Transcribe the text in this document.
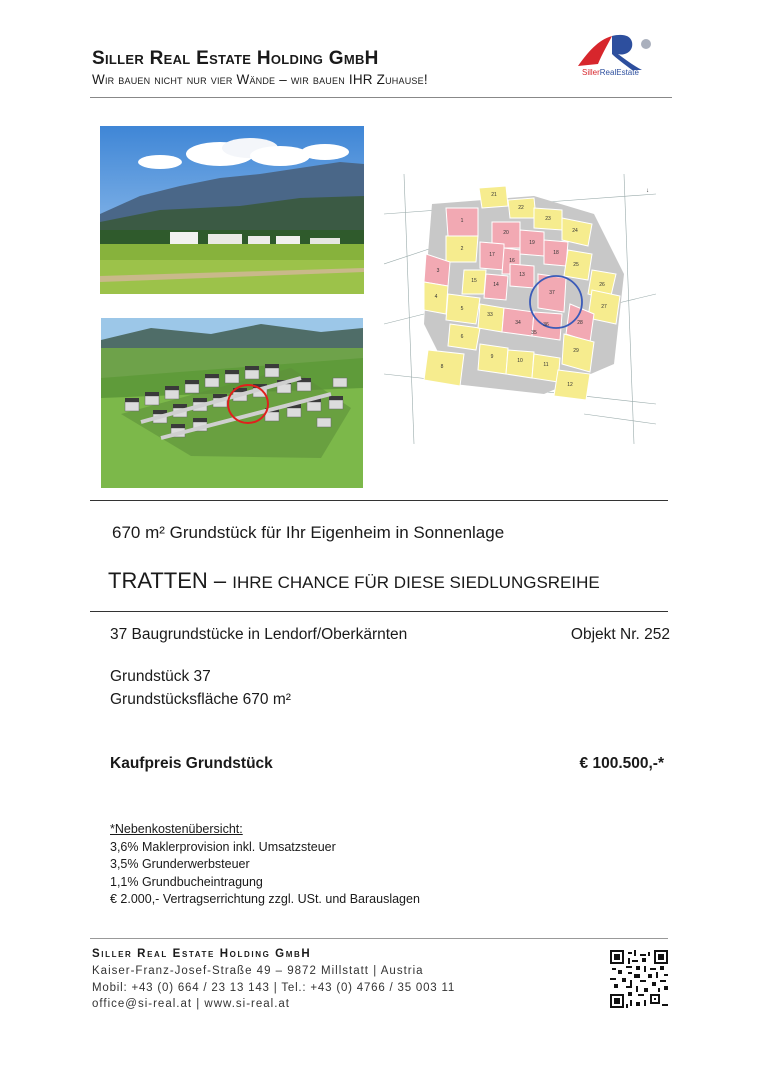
Siller Real Estate Holding GmbH
Wir bauen nicht nur vier Wände – wir bauen IHR Zuhause!	SillerRealEstate
21
22
23
24
1
20
19
18
25
2
17
16
15
26
3
13
27
4
14
37
28
5
29
6
33
34	36
8
9
10
11
12
35
↓
670 m² Grundstück für Ihr Eigenheim in Sonnenlage
TRATTEN – IHRE CHANCE FÜR DIESE SIEDLUNGSREIHE
37 Baugrundstücke in Lendorf/Oberkärnten	Objekt Nr. 252
Grundstück 37
Grundstücksfläche 670 m²
Kaufpreis Grundstück	€ 100.500,-*
*Nebenkostenübersicht:
3,6% Maklerprovision inkl. Umsatzsteuer
3,5% Grunderwerbsteuer
1,1% Grundbucheintragung
€ 2.000,- Vertragserrichtung zzgl. USt. und Barauslagen
Siller Real Estate Holding GmbH
Kaiser-Franz-Josef-Straße 49 – 9872 Millstatt | Austria
Mobil: +43 (0) 664 / 23 13 143 | Tel.: +43 (0) 4766 / 35 003 11
office@si-real.at | www.si-real.at
